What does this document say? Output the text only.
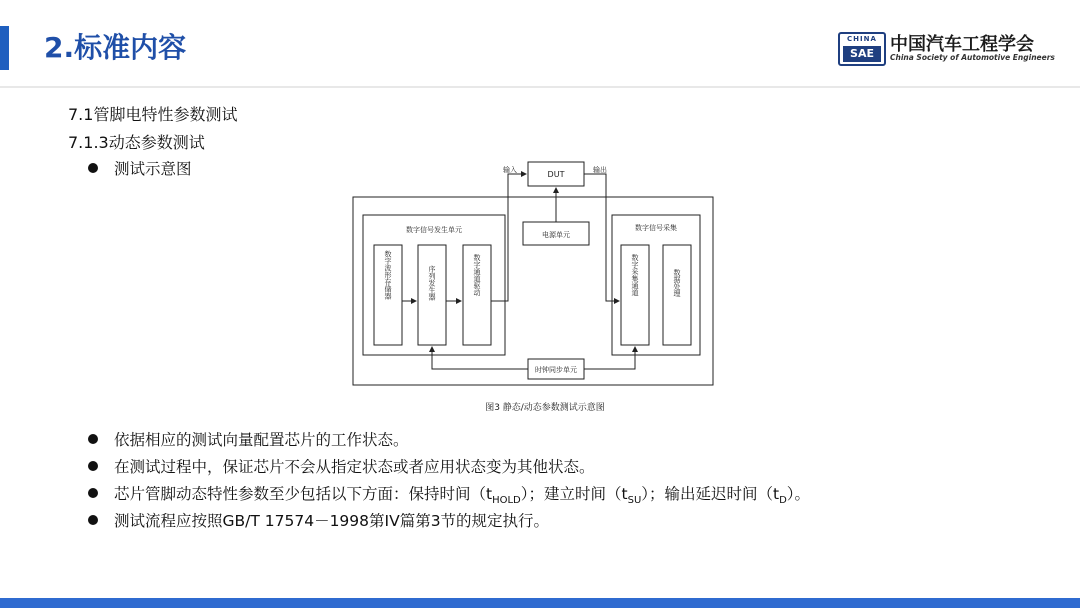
2.标准内容	CHINA
SAE 中国汽车工程学会
China Society of Automotive Engineers
7.1管脚电特性参数测试
7.1.3动态参数测试
测试示意图	DUT
输入	输出
电源单元
数字信号发生单元
数字波形存储器	序列发生器	数字通道驱动
数字信号采集
数字采集通道	数据处理
时钟同步单元
图3 静态/动态参数测试示意图
依据相应的测试向量配置芯片的工作状态。
在测试过程中，保证芯片不会从指定状态或者应用状态变为其他状态。
芯片管脚动态特性参数至少包括以下方面：保持时间$(t_{HOLD})$；建立时间$(t_{SU})$；输出延迟时间$(t_D)$。
测试流程应按照GB/T 17574－1998第IV篇第3节的规定执行。
